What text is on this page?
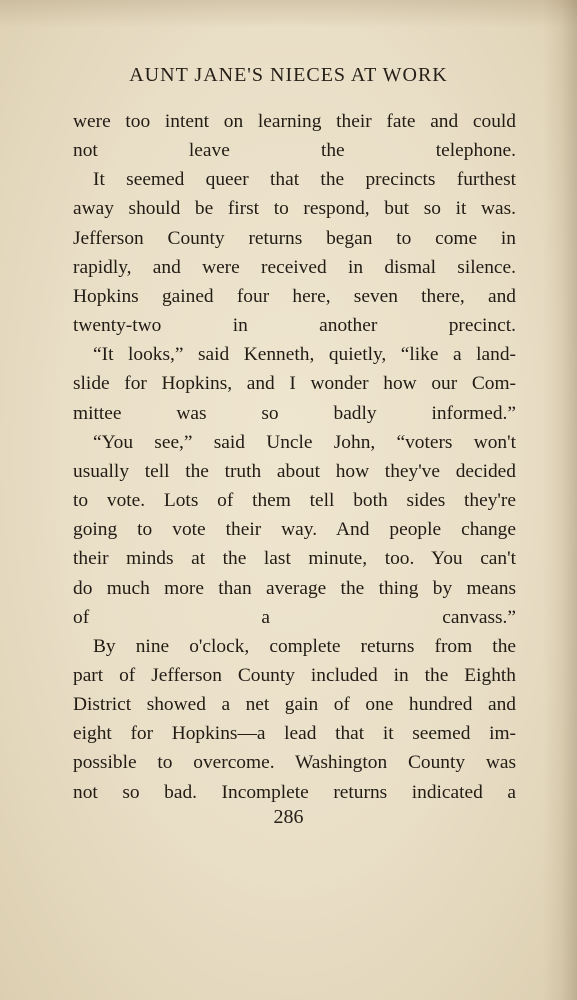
AUNT JANE'S NIECES AT WORK
were too intent on learning their fate and could
not leave the telephone.
It seemed queer that the precincts furthest
away should be first to respond, but so it was.
Jefferson County returns began to come in
rapidly, and were received in dismal silence.
Hopkins gained four here, seven there, and
twenty-two in another precinct.
“It looks,” said Kenneth, quietly, “like a land-
slide for Hopkins, and I wonder how our Com-
mittee was so badly informed.”
“You see,” said Uncle John, “voters won't
usually tell the truth about how they've decided
to vote. Lots of them tell both sides they're
going to vote their way. And people change
their minds at the last minute, too. You can't
do much more than average the thing by means
of a canvass.”
By nine o'clock, complete returns from the
part of Jefferson County included in the Eighth
District showed a net gain of one hundred and
eight for Hopkins—a lead that it seemed im-
possible to overcome. Washington County was
not so bad. Incomplete returns indicated a
286
